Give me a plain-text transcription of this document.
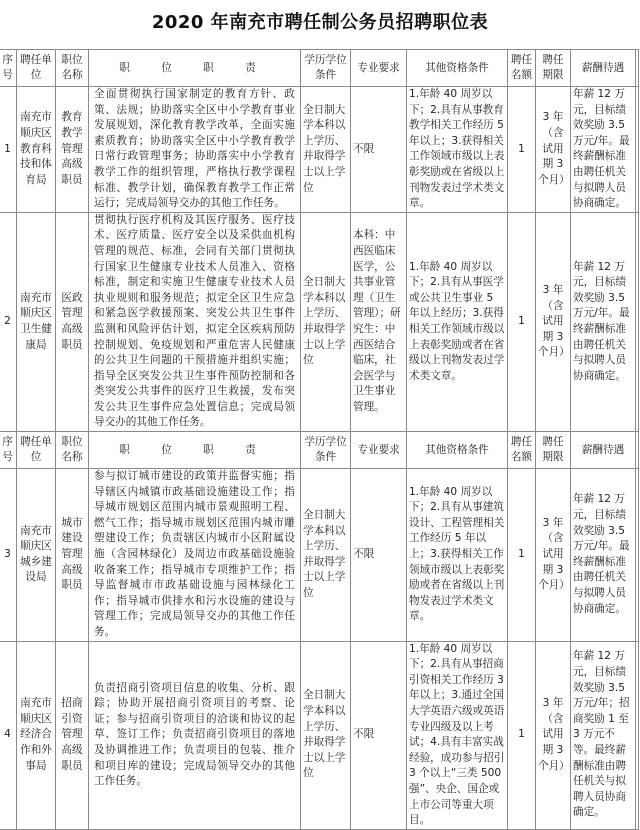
2020 年南充市聘任制公务员招聘职位表
序号	聘任单位	职位名称	职 位 职 责	学历学位条件	专业要求	其他资格条件	聘任名额	聘任期限	薪酬待遇	
1	南充市顺庆区教育科技和体育局	教育教学管理高级职员	全面贯彻执行国家制定的教育方针、政策、法规；协助落实全区中小学教育事业发展规划，深化教育教学改革，全面实施素质教育；协助落实全区中小学教育教学日常行政管理事务；协助落实中小学教育教学工作的组织管理，严格执行教学课程标准、教学计划，确保教育教学工作正常运行；完成局领导交办的其他工作任务。	全日制大学本科以上学历、并取得学士以上学位	不限	1.年龄 40 周岁以下；2.具有从事教育教学相关工作经历 5 年以上；3.获得相关工作领域市级以上表彰奖励或在省级以上刊物发表过学术类文章。	1	3 年（含试用期 3 个月）	年薪 12 万元，目标绩效奖励 3.5 万元/年。最终薪酬标准由聘任机关与拟聘人员协商确定。	
2	南充市顺庆区卫生健康局	医政管理高级职员	贯彻执行医疗机构及其医疗服务、医疗技术、医疗质量、医疗安全以及采供血机构管理的规范、标准，会同有关部门贯彻执行国家卫生健康专业技术人员准入、资格标准，制定和实施卫生健康专业技术人员执业规则和服务规范；拟定全区卫生应急和紧急医学救援预案、突发公共卫生事件监测和风险评估计划，拟定全区疾病预防控制规划、免疫规划和严重危害人民健康的公共卫生问题的干预措施并组织实施；指导全区突发公共卫生事件预防控制和各类突发公共事件的医疗卫生救援，发布突发公共卫生事件应急处置信息；完成局领导交办的其他工作任务。	全日制大学本科以上学历、并取得学士以上学位	本科：中西医临床医学，公共事业管理（卫生管理）；研究生：中西医结合临床，社会医学与卫生事业管理。	1.年龄 40 周岁以下；2.具有从事医学或公共卫生事业 5 年以上经历；3.获得相关工作领域市级以上表彰奖励或者在省级以上刊物发表过学术类文章。	1	3 年（含试用期 3 个月）	年薪 12 万元，目标绩效奖励 3.5 万元/年。最终薪酬标准由聘任机关与拟聘人员协商确定。	
序号	聘任单位	职位名称	职 位 职 责	学历学位条件	专业要求	其他资格条件	聘任名额	聘任期限	薪酬待遇	
3	南充市顺庆区城乡建设局	城市建设管理高级职员	参与拟订城市建设的政策并监督实施；指导辖区内城镇市政基础设施建设工作；指导城市规划区范围内城市景观照明工程、燃气工作；指导城市规划区范围内城市雕塑建设工作；负责辖区内城市小区附属设施（含园林绿化）及周边市政基础设施验收备案工作；指导城市专项维护工作；指导监督城市市政基础设施与园林绿化工作；指导城市供排水和污水设施的建设与管理工作；完成局领导交办的其他工作任务。	全日制大学本科以上学历、并取得学士以上学位	不限	1.年龄 40 周岁以下；2.具有从事建筑设计、工程管理相关工作经历 5 年以上；3.获得相关工作领域市级以上表彰奖励或者在省级以上刊物发表过学术类文章。	1	3 年（含试用期 3 个月）	年薪 12 万元，目标绩效奖励 3.5 万元/年。最终薪酬标准由聘任机关与拟聘人员协商确定。	
4	南充市顺庆区经济合作和外事局	招商引资管理高级职员	负责招商引资项目信息的收集、分析、跟踪；协助开展招商引资项目的考察、论证；参与招商引资项目的洽谈和协议的起草、签订工作；负责招商引资项目的落地及协调推进工作；负责项目的包装、推介和项目库的建设；完成局领导交办的其他工作任务。	全日制大学本科以上学历、并取得学士以上学位	不限	1.年龄 40 周岁以下；2.具有从事招商引资相关工作经历 3 年以上；3.通过全国大学英语六级或英语专业四级及以上考试；4.具有丰富实战经验，成功参与招引 3 个以上“三类 500 强”、央企、国企或上市公司等重大项目。	1	3 年（含试用期 3 个月）	年薪 12 万元，目标绩效奖励 3.5 万元/年；招商奖励 1 至 3 万元不等。最终薪酬标准由聘任机关与拟聘人员协商确定。	
